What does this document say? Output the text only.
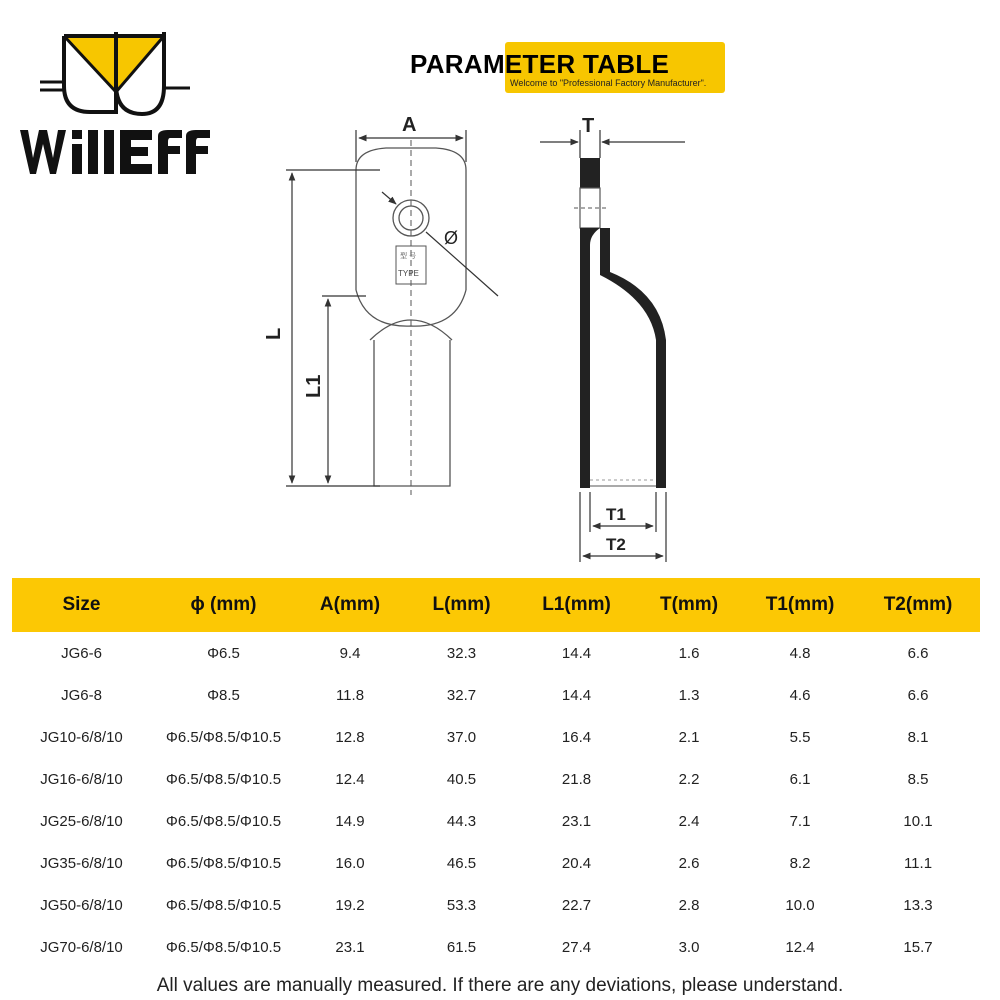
PARAMETER TABLE
Welcome to "Professional Factory Manufacturer".
型 号
TYPE
A
L
L1
Ø
T
T1
T2
Size	ϕ (mm)	A(mm)	L(mm)	L1(mm)	T(mm)	T1(mm)	T2(mm)
JG6-6	Φ6.5	9.4	32.3	14.4	1.6	4.8	6.6
JG6-8	Φ8.5	11.8	32.7	14.4	1.3	4.6	6.6
JG10-6/8/10	Φ6.5/Φ8.5/Φ10.5	12.8	37.0	16.4	2.1	5.5	8.1
JG16-6/8/10	Φ6.5/Φ8.5/Φ10.5	12.4	40.5	21.8	2.2	6.1	8.5
JG25-6/8/10	Φ6.5/Φ8.5/Φ10.5	14.9	44.3	23.1	2.4	7.1	10.1
JG35-6/8/10	Φ6.5/Φ8.5/Φ10.5	16.0	46.5	20.4	2.6	8.2	11.1
JG50-6/8/10	Φ6.5/Φ8.5/Φ10.5	19.2	53.3	22.7	2.8	10.0	13.3
JG70-6/8/10	Φ6.5/Φ8.5/Φ10.5	23.1	61.5	27.4	3.0	12.4	15.7
All values are manually measured. If there are any deviations, please understand.
